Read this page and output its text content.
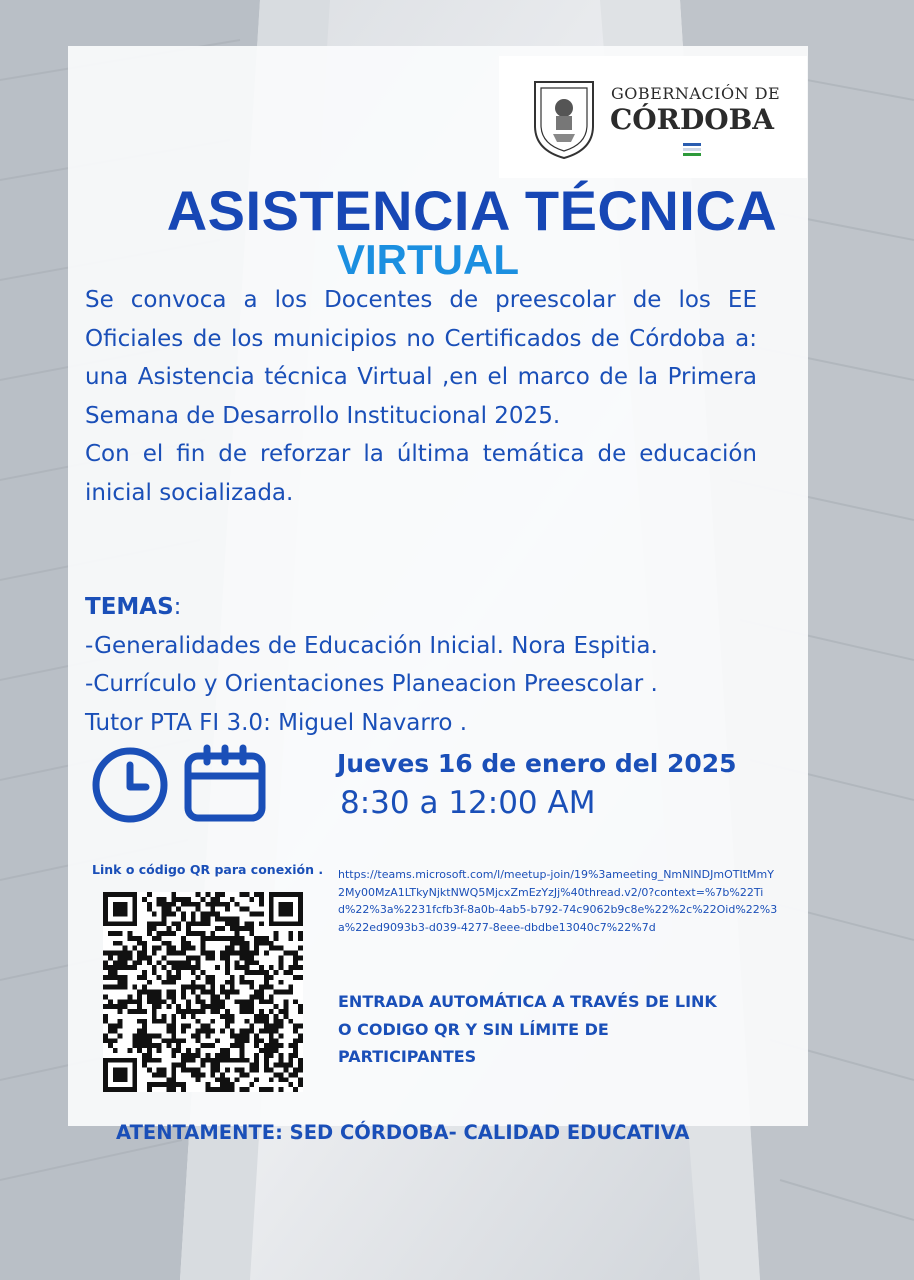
GOBERNACIÓN DE
CÓRDOBA
ASISTENCIA TÉCNICA
VIRTUAL

Se convoca a los Docentes de preescolar de los EE Oficiales de los municipios no Certificados de Córdoba a: una Asistencia técnica Virtual ,en el marco de la Primera Semana de Desarrollo Institucional 2025.

Con el fin de reforzar la última temática de educación inicial socializada.

TEMAS:
-Generalidades de Educación Inicial. Nora Espitia.
-Currículo y Orientaciones Planeacion Preescolar .
Tutor PTA FI 3.0: Miguel Navarro .
Jueves 16 de enero del 2025
8:30 a 12:00 AM
Link o código QR para conexión . https://teams.microsoft.com/l/meetup-join/19%3ameeting_NmNlNDJmOTItMmY2My00MzA1LTkyNjktNWQ5MjcxZmEzYzJj%40thread.v2/0?context=%7b%22Tid%22%3a%2231fcfb3f-8a0b-4ab5-b792-74c9062b9c8e%22%2c%22Oid%22%3a%22ed9093b3-d039-4277-8eee-dbdbe13040c7%22%7d
ENTRADA AUTOMÁTICA A TRAVÉS DE LINK O CODIGO QR Y SIN LÍMITE DE PARTICIPANTES
ATENTAMENTE: SED CÓRDOBA- CALIDAD EDUCATIVA
